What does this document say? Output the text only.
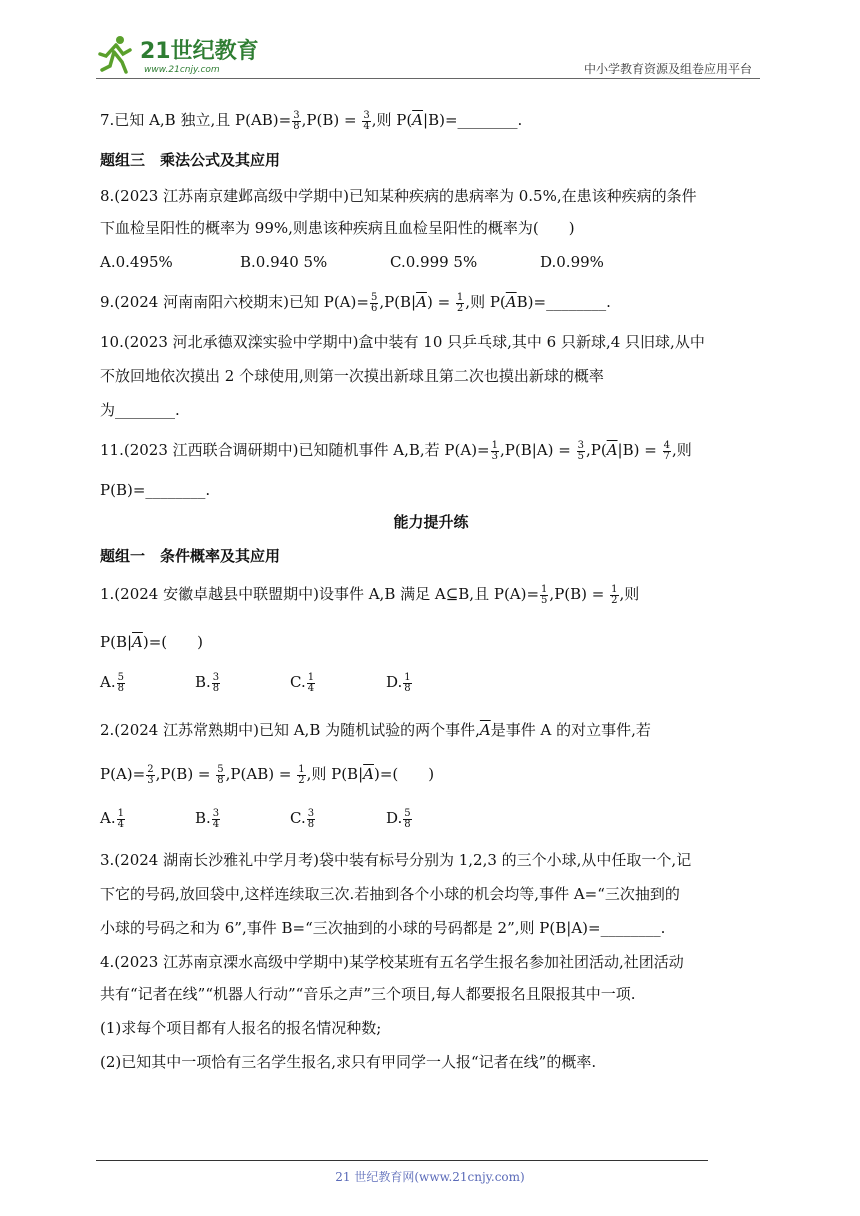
21世纪教育
www.21cnjy.com	中小学教育资源及组卷应用平台
7.已知 A,B 独立,且 $P(AB)= \frac{3}{8} ,P(B) = \frac{3}{4}$ ,则 $P(\overline{A}|B)=\_\_\_\_\_\_\_\_$.
题组三　乘法公式及其应用
8.(2023 江苏南京建邺高级中学期中)已知某种疾病的患病率为 0.5%,在患该种疾病的条件
下血检呈阳性的概率为 99%,则患该种疾病且血检呈阳性的概率为(　　)
A.0.495%	B.0.940 5%	C.0.999 5%	D.0.99%
9.(2024 河南南阳六校期末)已知 $P(A)= \frac{5}{6} ,P(B|\overline{A}) = \frac{1}{2}$ ,则 $P(\overline{A}B)=\_\_\_\_\_\_\_\_$.
10.(2023 河北承德双滦实验中学期中)盒中装有 10 只乒乓球,其中 6 只新球,4 只旧球,从中
不放回地依次摸出 2 个球使用,则第一次摸出新球且第二次也摸出新球的概率
为________.
11.(2023 江西联合调研期中)已知随机事件 A,B,若 $P(A)= \frac{1}{3} ,P(B|A) = \frac{3}{5} ,P(\overline{A}|B) = \frac{4}{7}$ ,则
P(B)=________.
能力提升练
题组一　条件概率及其应用
1.(2024 安徽卓越县中联盟期中)设事件 A,B 满足 A⊆B,且 $P(A)= \frac{1}{5} ,P(B) = \frac{1}{2}$ ,则
$P(B|\overline{A})=$(　　)
A. $\frac{5}{8}$	B. $\frac{3}{8}$	C. $\frac{1}{4}$	D. $\frac{1}{8}$
2.(2024 江苏常熟期中)已知 A,B 为随机试验的两个事件$,\overline{A}$是事件 A 的对立事件,若
$P(A)= \frac{2}{3} ,P(B) = \frac{5}{8} ,P(AB) = \frac{1}{2}$ ,则 $P(B|\overline{A})=$(　　)
A. $\frac{1}{4}$	B. $\frac{3}{4}$	C. $\frac{3}{8}$	D. $\frac{5}{8}$
3.(2024 湖南长沙雅礼中学月考)袋中装有标号分别为 1,2,3 的三个小球,从中任取一个,记
下它的号码,放回袋中,这样连续取三次.若抽到各个小球的机会均等,事件 A=“三次抽到的
小球的号码之和为 6”,事件 B=“三次抽到的小球的号码都是 2”,则 P(B|A)=________.
4.(2023 江苏南京溧水高级中学期中)某学校某班有五名学生报名参加社团活动,社团活动
共有“记者在线”“机器人行动”“音乐之声”三个项目,每人都要报名且限报其中一项.
(1)求每个项目都有人报名的报名情况种数;
(2)已知其中一项恰有三名学生报名,求只有甲同学一人报“记者在线”的概率.
21 世纪教育网(www.21cnjy.com)
